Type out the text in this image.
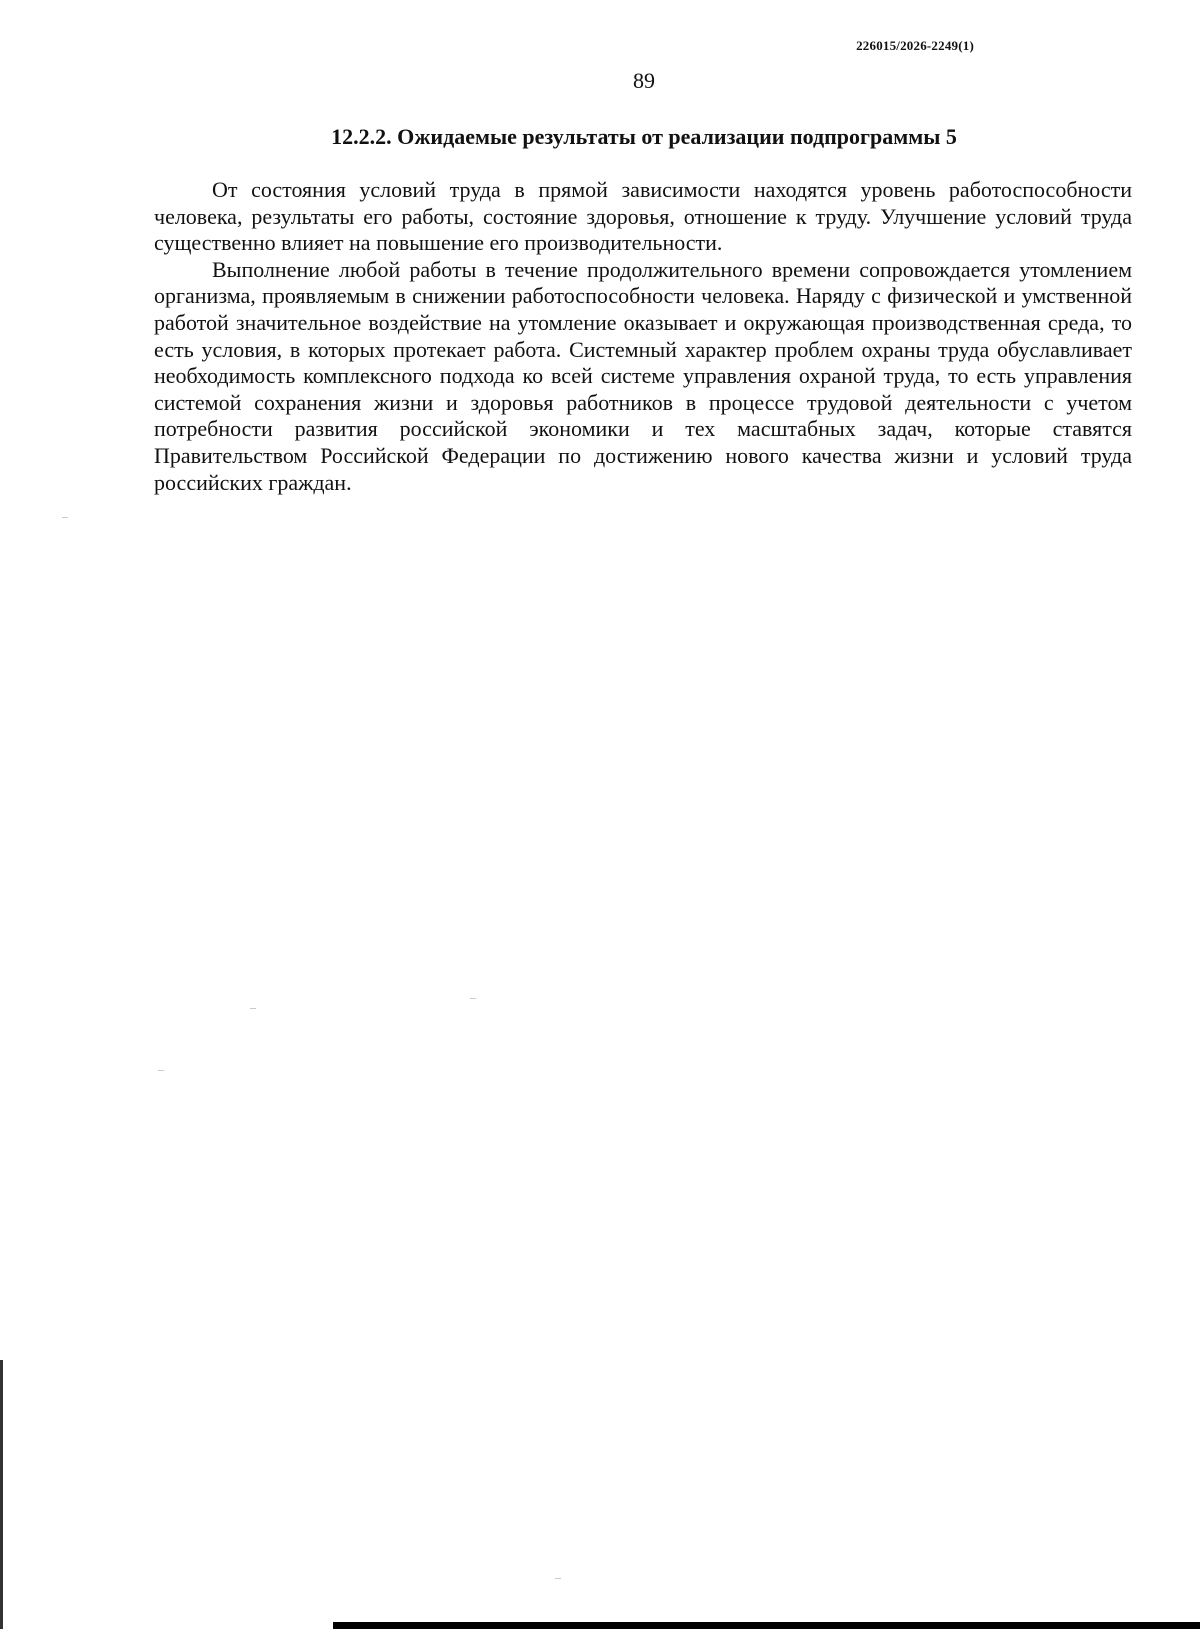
226015/2026-2249(1)
89
12.2.2. Ожидаемые результаты от реализации подпрограммы 5

От состояния условий труда в прямой зависимости находятся уровень работоспособности человека, результаты его работы, состояние здоровья, отношение к труду. Улучшение условий труда существенно влияет на повышение его производительности.

Выполнение любой работы в течение продолжительного времени сопровождается утомлением организма, проявляемым в снижении работоспособности человека. Наряду с физической и умственной работой значительное воздействие на утомление оказывает и окружающая производственная среда, то есть условия, в которых протекает работа. Системный характер проблем охраны труда обуславливает необходимость комплексного подхода ко всей системе управления охраной труда, то есть управления системой сохранения жизни и здоровья работников в процессе трудовой деятельности с учетом потребности развития российской экономики и тех масштабных задач, которые ставятся Правительством Российской Федерации по достижению нового качества жизни и условий труда российских граждан.
